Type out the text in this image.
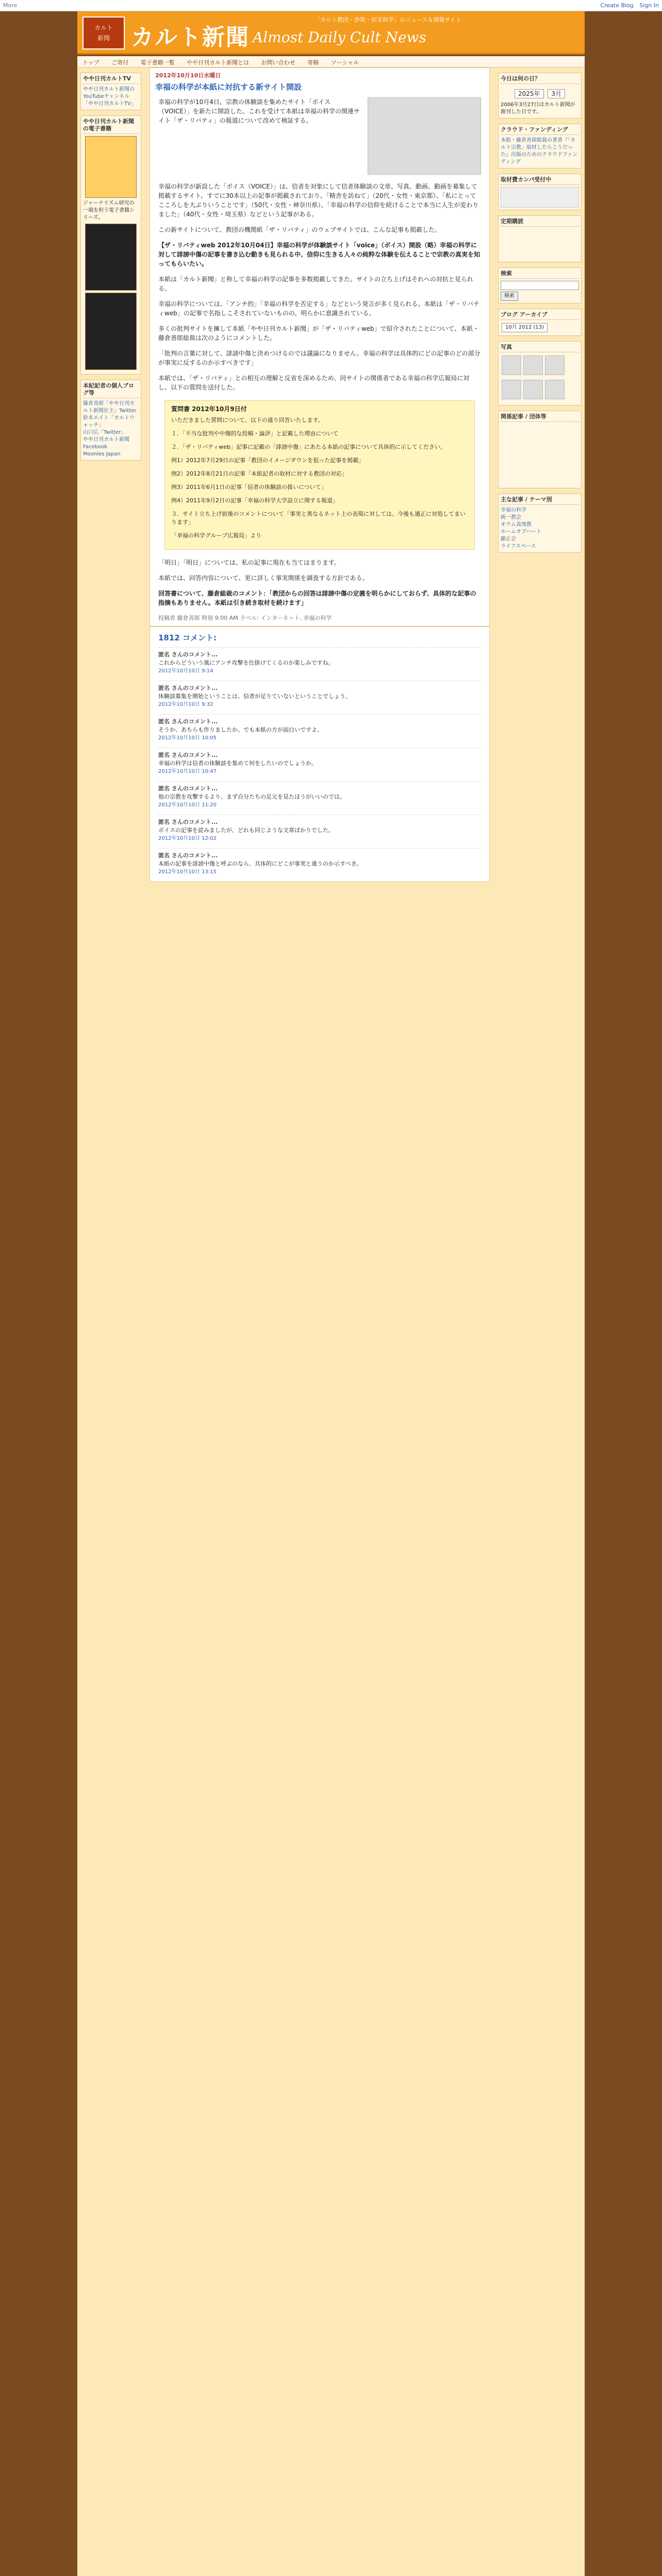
More	Create Blog Sign In
カルト
新聞 カルト新聞 Almost Daily Cult News
「カルト教団・詐欺・似非科学」のニュース＆情報サイト
トップ ご寄付 電子書籍一覧 やや日刊カルト新聞とは お問い合わせ 寄稿 ソーシャル
やや日刊カルトTV
やや日刊カルト新聞のYouTubeチャンネル「やや日刊カルトTV」
やや日刊カルト新聞の電子書籍
ジャーナリズム研究の一端を担う電子書籍シリーズ。
本紀記者の個人ブログ等
藤倉善郎「やや日刊カルト新聞社主」Twitter
鈴木エイト「カルトウォッチ」
山口広「Twitter」
やや日刊カルト新聞 Facebook
Moonies Japan
2012年10月10日水曜日
幸福の科学が本紙に対抗する新サイト開設
幸福の科学が10月4日、宗教の体験談を集めたサイト「ボイス（VOICE）」を新たに開設した。これを受けて本紙は幸福の科学の関連サイト「ザ・リバティ」の報道について改めて検証する。
幸福の科学が新設した「ボイス（VOICE）」は、信者を対象にして信者体験談の文章、写真、動画、動画を募集して掲載するサイト。すでに30本以上の記事が掲載されており、「精舎を訪ねて」（20代・女性・東京都）、「私にとってこころしを大ぶりいうことです」（50代・女性・神奈川県）、「幸福の科学の信仰を続けることで本当に人生が変わりました」（40代・女性・埼玉県）などという記事がある。
この新サイトについて、教団の機関紙「ザ・リバティ」のウェブサイトでは、こんな記事も掲載した。
【ザ・リバティweb 2012年10月04日】幸福の科学が体験談サイト「voice」（ボイス）開設（略）幸福の科学に対して誹謗中傷の記事を書き込む動きも見られる中、信仰に生きる人々の純粋な体験を伝えることで宗教の真実を知ってもらいたい。
本紙は「カルト新聞」と称して幸福の科学の記事を多数掲載してきた。サイトの立ち上げはそれへの対抗と見られる。
幸福の科学については、「アンチ的」「幸福の科学を否定する」などという発言が多く見られる。本紙は「ザ・リバティweb」の記事で名指しこそされていないものの、明らかに意識されている。
多くの批判サイトを擁して本紙「やや日刊カルト新聞」が「ザ・リバティweb」で紹介されたことについて、本紙・藤倉善郎総裁は次のようにコメントした。
「批判の言葉に対して、誹謗中傷と決めつけるのでは議論になりません。幸福の科学は具体的にどの記事のどの部分が事実に反するのか示すべきです」
本紙では、「ザ・リバティ」との相互の理解と反省を深めるため、同サイトの関係者である幸福の科学広報局に対し、以下の質問を送付した。
質問書 2012年10月9日付

いただきました質問について、以下の通り回答いたします。

１．「不当な批判や中傷的な投稿・論評」と記載した理由について

２．「ザ・リバティweb」記事に記載の「誹謗中傷」にあたる本紙の記事について具体的に示してください。

例1）2012年7月29日の記事「教団のイメージダウンを狙った記事を掲載」

例2）2012年8月21日の記事「本紙記者の取材に対する教団の対応」

例3）2011年6月1日の記事「信者の体験談の扱いについて」

例4）2011年9月2日の記事「幸福の科学大学設立に関する報道」

３．サイト立ち上げ前後のコメントについて「事実と異なるネット上の表現に対しては、今後も適正に対処してまいります」

「幸福の科学グループ広報局」より

「明日」「明日」については、私の記事に現在も当てはまります。
本紙では、回答内容について、更に詳しく事実関係を調査する方針である。
回答書について、藤倉総裁のコメント：「教団からの回答は誹謗中傷の定義を明らかにしておらず、具体的な記事の指摘もありません。本紙は引き続き取材を続けます」
投稿者 藤倉善郎 時刻 9:00 AM ラベル: インターネット, 幸福の科学
1812 コメント:
匿名 さんのコメント...
これからどういう風にアンチ攻撃を仕掛けてくるのか楽しみですね。
2012年10月10日 9:14
匿名 さんのコメント...
体験談募集を開始ということは、信者が足りていないということでしょう。
2012年10月10日 9:32
匿名 さんのコメント...
そうか、あちらも作りましたか。でも本紙の方が面白いですよ。
2012年10月10日 10:05
匿名 さんのコメント...
幸福の科学は信者の体験談を集めて何をしたいのでしょうか。
2012年10月10日 10:47
匿名 さんのコメント...
他の宗教を攻撃するより、まず自分たちの足元を見たほうがいいのでは。
2012年10月10日 11:20
匿名 さんのコメント...
ボイスの記事を読みましたが、どれも同じような文章ばかりでした。
2012年10月10日 12:02
匿名 さんのコメント...
本紙の記事を誹謗中傷と呼ぶのなら、具体的にどこが事実と違うのか示すべき。
2012年10月10日 13:15
今日は何の日？
2025年 3月
2006年3月27日はカルト新聞が創刊した日です。
クラウド・ファンディング
本紙・藤倉善郎総裁の著書『「カルト宗教」取材したらこうだった』出版のためのクラウドファンディング
取材費カンパ受付中
定期購読
検索
検索
ブログ アーカイブ
10月 2012 (13)
写真

関係記事 / 団体等
主な記事 / テーマ別
幸福の科学
統一教会
オウム真理教
ホームオブハート
顕正会
ライフスペース
